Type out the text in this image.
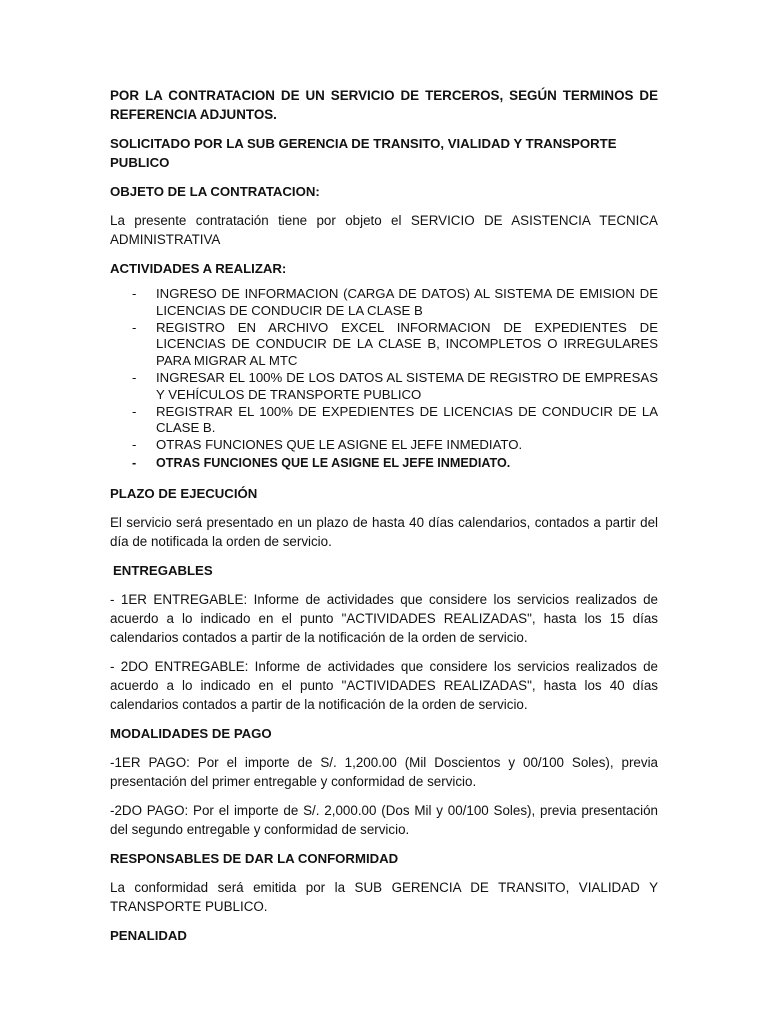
POR LA CONTRATACION DE UN SERVICIO DE TERCEROS, SEGÚN TERMINOS DE REFERENCIA ADJUNTOS.

SOLICITADO POR LA SUB GERENCIA DE TRANSITO, VIALIDAD Y TRANSPORTE PUBLICO

OBJETO DE LA CONTRATACION:

La presente contratación tiene por objeto el SERVICIO DE ASISTENCIA TECNICA ADMINISTRATIVA

ACTIVIDADES A REALIZAR:

- INGRESO DE INFORMACION (CARGA DE DATOS) AL SISTEMA DE EMISION DE LICENCIAS DE CONDUCIR DE LA CLASE B
- REGISTRO EN ARCHIVO EXCEL INFORMACION DE EXPEDIENTES DE LICENCIAS DE CONDUCIR DE LA CLASE B, INCOMPLETOS O IRREGULARES PARA MIGRAR AL MTC
- INGRESAR EL 100% DE LOS DATOS AL SISTEMA DE REGISTRO DE EMPRESAS Y VEHÍCULOS DE TRANSPORTE PUBLICO
- REGISTRAR EL 100% DE EXPEDIENTES DE LICENCIAS DE CONDUCIR DE LA CLASE B.
- OTRAS FUNCIONES QUE LE ASIGNE EL JEFE INMEDIATO.
- OTRAS FUNCIONES QUE LE ASIGNE EL JEFE INMEDIATO.

PLAZO DE EJECUCIÓN

El servicio será presentado en un plazo de hasta 40 días calendarios, contados a partir del día de notificada la orden de servicio.

ENTREGABLES

- 1ER ENTREGABLE: Informe de actividades que considere los servicios realizados de acuerdo a lo indicado en el punto "ACTIVIDADES REALIZADAS", hasta los 15 días calendarios contados a partir de la notificación de la orden de servicio.

- 2DO ENTREGABLE: Informe de actividades que considere los servicios realizados de acuerdo a lo indicado en el punto "ACTIVIDADES REALIZADAS", hasta los 40 días calendarios contados a partir de la notificación de la orden de servicio.

MODALIDADES DE PAGO

-1ER PAGO: Por el importe de S/. 1,200.00 (Mil Doscientos y 00/100 Soles), previa presentación del primer entregable y conformidad de servicio.

-2DO PAGO: Por el importe de S/. 2,000.00 (Dos Mil y 00/100 Soles), previa presentación del segundo entregable y conformidad de servicio.

RESPONSABLES DE DAR LA CONFORMIDAD

La conformidad será emitida por la SUB GERENCIA DE TRANSITO, VIALIDAD Y TRANSPORTE PUBLICO.

PENALIDAD
